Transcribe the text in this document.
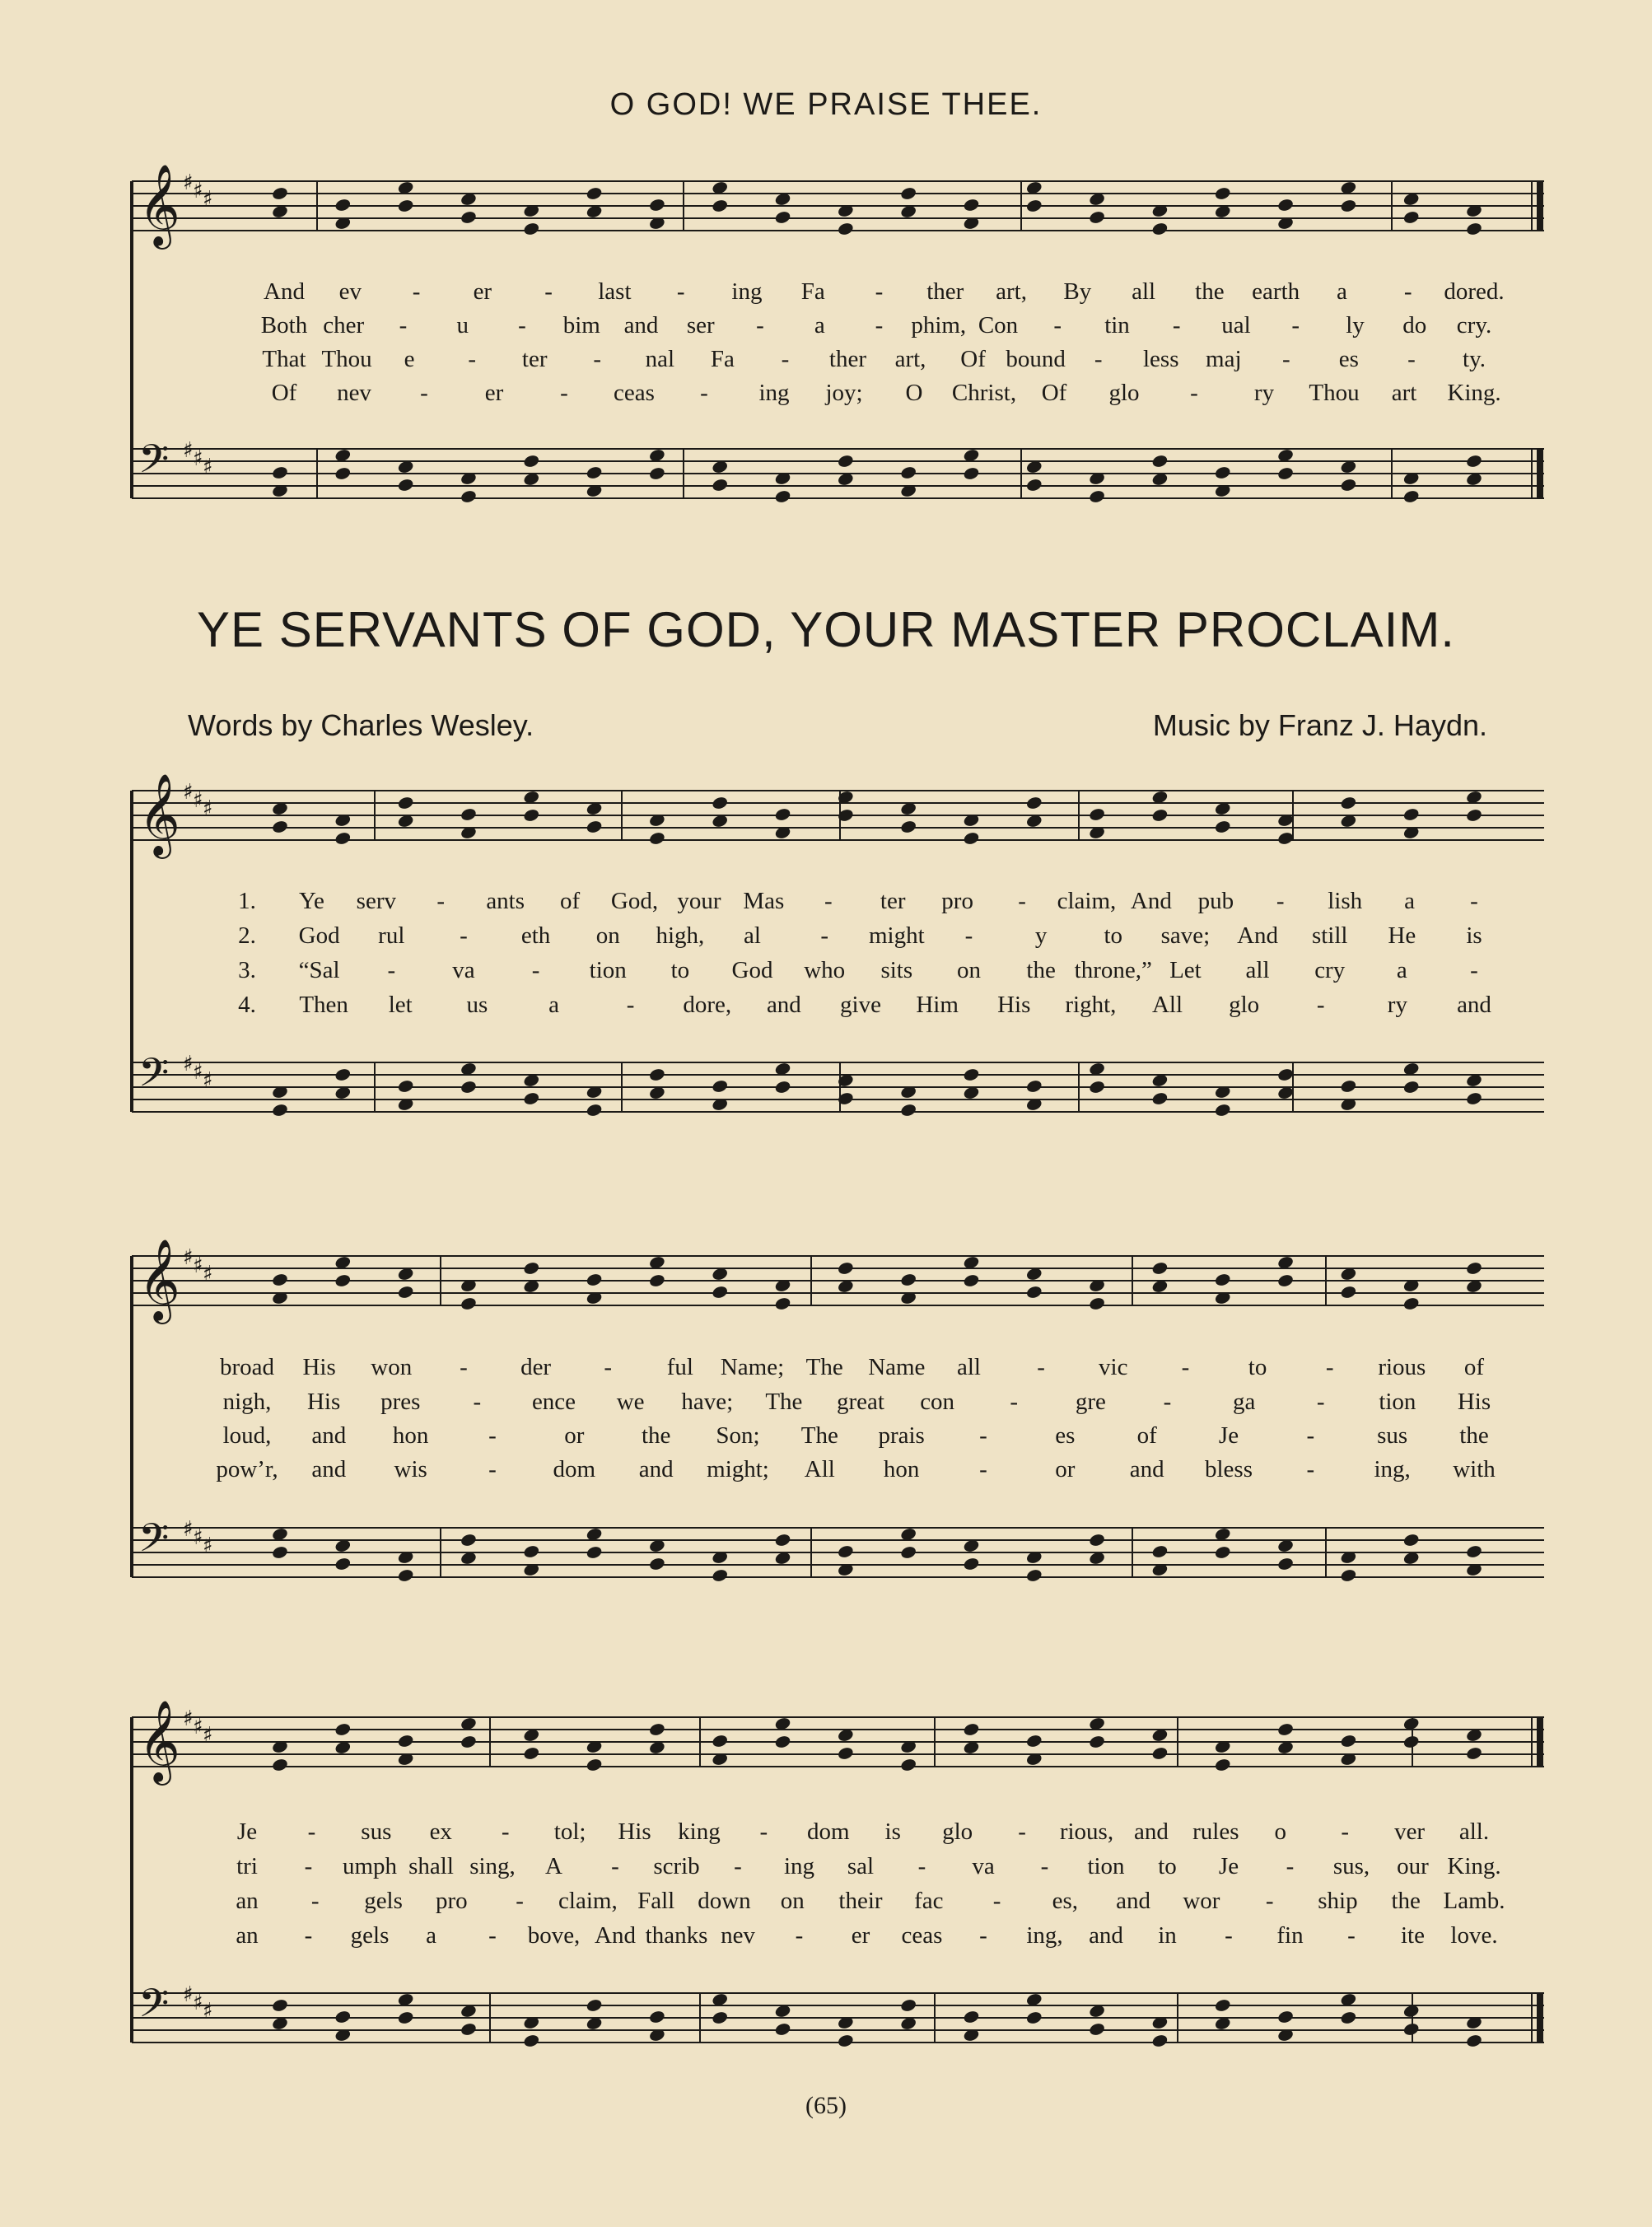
𝄞 ♯ ♯ ♯
𝄢 ♯ ♯ ♯
𝄞 ♯ ♯ ♯
𝄢 ♯ ♯ ♯
𝄞 ♯ ♯ ♯
𝄢 ♯ ♯ ♯
𝄞 ♯ ♯ ♯
𝄢 ♯ ♯ ♯
O GOD! WE PRAISE THEE.
And ev - er - last - ing Fa - ther art, By all the earth a - dored.
Both cher - u - bim and ser - a - phim, Con - tin - ual - ly do cry.
That Thou e - ter - nal Fa - ther art, Of bound - less maj - es - ty.
Of nev - er - ceas - ing joy; O Christ, Of glo - ry Thou art King.
YE SERVANTS OF GOD, YOUR MASTER PROCLAIM.
Words by Charles Wesley.	Music by Franz J. Haydn.
1. Ye serv - ants of God, your Mas - ter pro - claim, And pub - lish a -
2. God rul - eth on high, al - might -	y to save; And still He is
3. “Sal - va - tion to God who sits on the throne,” Let all cry a	-
4. Then let us	a	- dore, and give Him His right, All glo -	ry and
broad His won - der - ful Name; The Name all - vic - to - rious of
nigh, His pres - ence we have; The great con - gre -	ga	- tion His
loud, and hon	-	or the Son; The prais -	es	of	Je	-	sus the
pow’r, and wis	- dom and might; All hon	-	or and bless - ing, with
Je - sus ex - tol; His king - dom is glo - rious, and rules o - ver all.
tri - umph shall sing, A - scrib - ing sal - va - tion to Je - sus, our King.
an - gels pro - claim, Fall down on their fac - es, and wor - ship the Lamb.
an - gels a - bove, And thanks nev - er ceas - ing, and in - fin - ite love.
(65)
